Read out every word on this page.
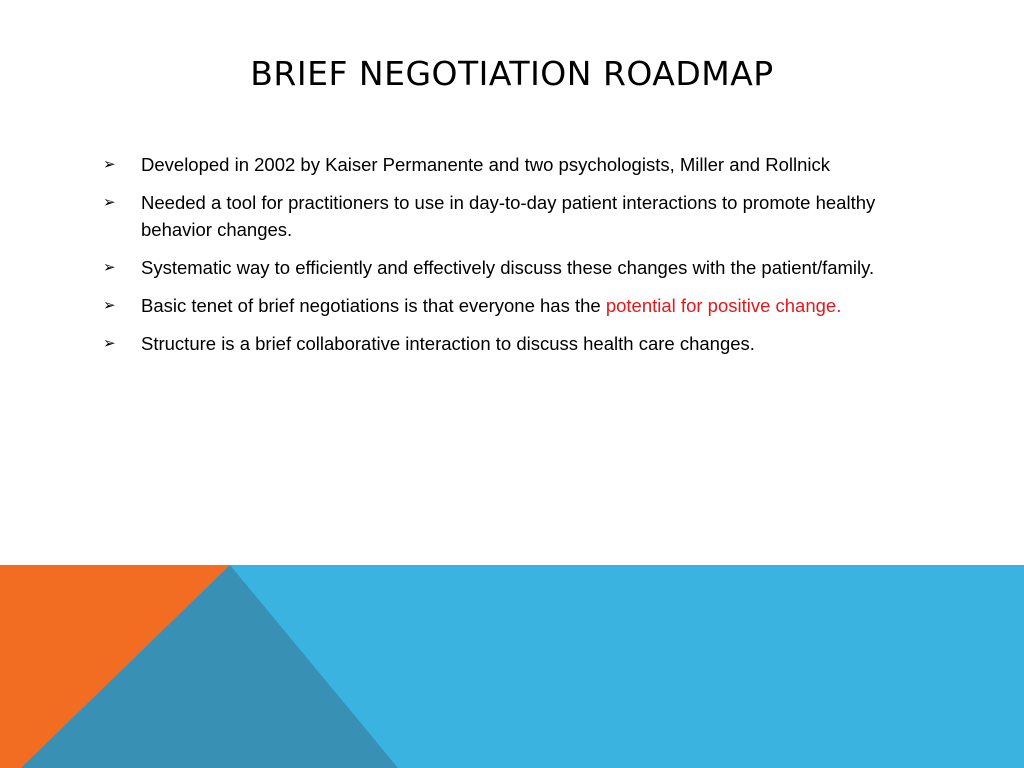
BRIEF NEGOTIATION ROADMAP
➢ Developed in 2002 by Kaiser Permanente and two psychologists, Miller and Rollnick
➢ Needed a tool for practitioners to use in day-to-day patient interactions to promote healthy behavior changes.
➢ Systematic way to efficiently and effectively discuss these changes with the patient/family.
➢ Basic tenet of brief negotiations is that everyone has the potential for positive change.
➢ Structure is a brief collaborative interaction to discuss health care changes.
